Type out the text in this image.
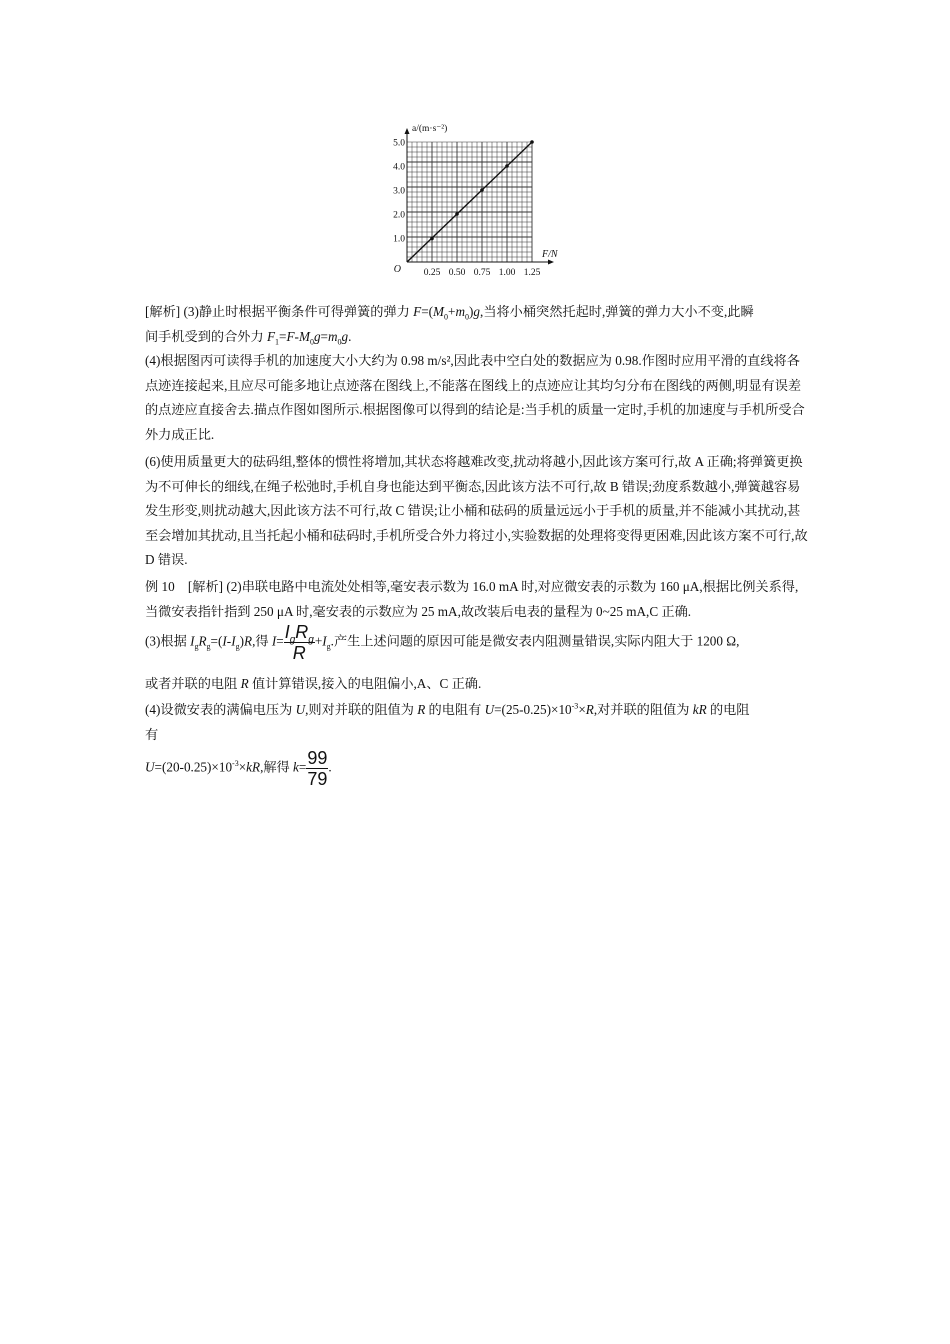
0.25 0.50 0.75 1.00 1.25
1.0
2.0
3.0
4.0
5.0
O
F/N
a/(m·s⁻²)
[解析] (3)静止时根据平衡条件可得弹簧的弹力 $F=(M_0+m_0)g$,当将小桶突然托起时,弹簧的弹力大小不变,此瞬
间手机受到的合外力 $F_1=F-M_0g=m_0g$.
(4)根据图丙可读得手机的加速度大小大约为 0.98 m/s²,因此表中空白处的数据应为 0.98.作图时应用平滑的直线将各点迹连接起来,且应尽可能多地让点迹落在图线上,不能落在图线上的点迹应让其均匀分布在图线的两侧,明显有误差的点迹应直接舍去.描点作图如图所示.根据图像可以得到的结论是:当手机的质量一定时,手机的加速度与手机所受合外力成正比.
(6)使用质量更大的砝码组,整体的惯性将增加,其状态将越难改变,扰动将越小,因此该方案可行,故 A 正确;将弹簧更换为不可伸长的细线,在绳子松弛时,手机自身也能达到平衡态,因此该方法不可行,故 B 错误;劲度系数越小,弹簧越容易发生形变,则扰动越大,因此该方法不可行,故 C 错误;让小桶和砝码的质量远远小于手机的质量,并不能减小其扰动,甚至会增加其扰动,且当托起小桶和砝码时,手机所受合外力将过小,实验数据的处理将变得更困难,因此该方案不可行,故 D 错误.
例 10　[解析] (2)串联电路中电流处处相等,毫安表示数为 16.0 mA 时,对应微安表的示数为 160 μA,根据比例关系得,当微安表指针指到 250 μA 时,毫安表的示数应为 25 mA,故改装后电表的量程为 0~25 mA,C 正确.
(3)根据 $I_gR_g=(I-I_g)R$,得 $I= \frac{I_gR_g}{R} +I_g$.产生上述问题的原因可能是微安表内阻测量错误,实际内阻大于 1200 Ω,
或者并联的电阻 R 值计算错误,接入的电阻偏小,A、C 正确.
(4)设微安表的满偏电压为 U,则对并联的阻值为 R 的电阻有 $U=(25-0.25)\times 10^{-3}\times R$,对并联的阻值为 kR 的电阻
有
$U=(20-0.25)\times 10^{-3}\times kR$,解得 $k= \frac{99}{79}$ .
